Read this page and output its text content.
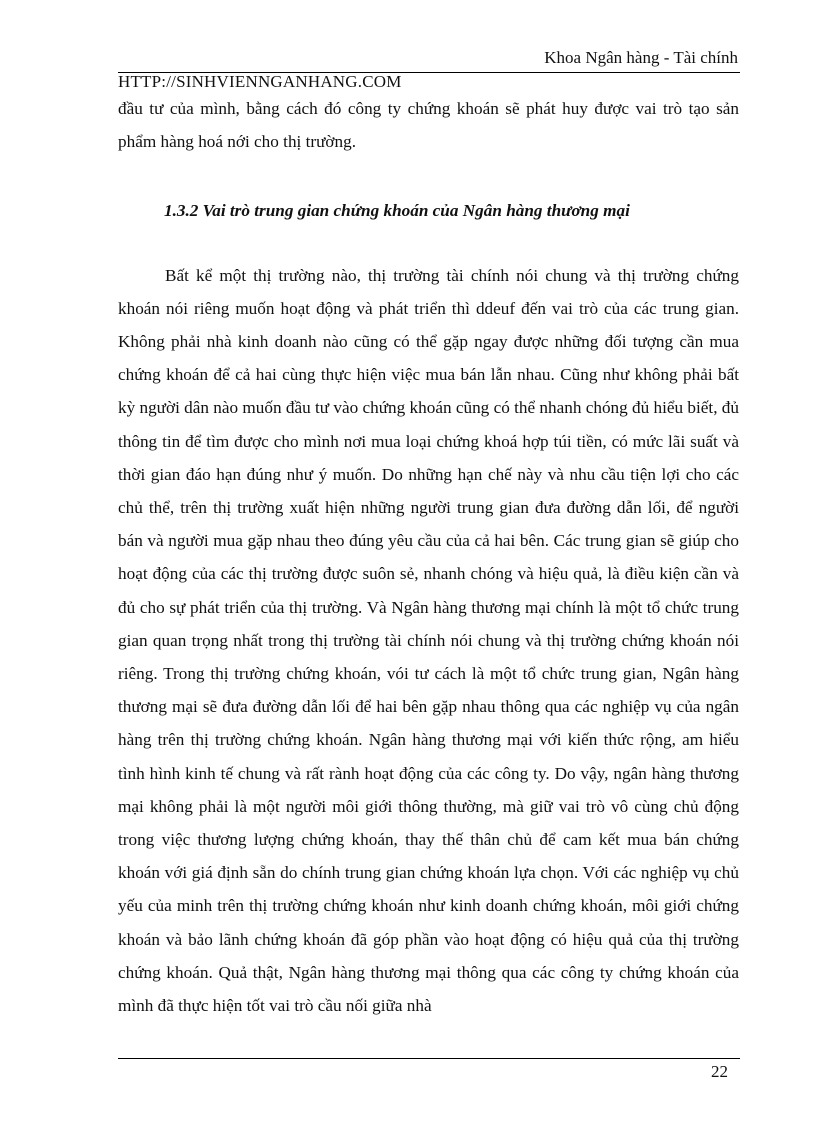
Khoa Ngân hàng - Tài chính
HTTP://SINHVIENNGANHANG.COM

đầu tư của mình, bằng cách đó công ty chứng khoán sẽ phát huy được vai trò tạo sản phẩm hàng hoá nới cho thị trường.

1.3.2 Vai trò trung gian chứng khoán của Ngân hàng thương mại

Bất kể một thị trường nào, thị trường tài chính nói chung và thị trường chứng khoán nói riêng muốn hoạt động và phát triển thì ddeuf đến vai trò của các trung gian. Không phải nhà kinh doanh nào cũng có thể gặp ngay được những đối tượng cần mua chứng khoán để cả hai cùng thực hiện việc mua bán lẫn nhau. Cũng như không phải bất kỳ người dân nào muốn đầu tư vào chứng khoán cũng có thể nhanh chóng đủ hiểu biết, đủ thông tin để tìm được cho mình nơi mua loại chứng khoá hợp túi tiền, có mức lãi suất và thời gian đáo hạn đúng như ý muốn. Do những hạn chế này và nhu cầu tiện lợi cho các chủ thể, trên thị trường xuất hiện những người trung gian đưa đường dẫn lối, để người bán và người mua gặp nhau theo đúng yêu cầu của cả hai bên. Các trung gian sẽ giúp cho hoạt động của các thị trường được suôn sẻ, nhanh chóng và hiệu quả, là điều kiện cần và đủ cho sự phát triển của thị trường. Và Ngân hàng thương mại chính là một tổ chức trung gian quan trọng nhất trong thị trường tài chính nói chung và thị trường chứng khoán nói riêng. Trong thị trường chứng khoán, vói tư cách là một tổ chức trung gian, Ngân hàng thương mại sẽ đưa đường dẫn lối để hai bên gặp nhau thông qua các nghiệp vụ của ngân hàng trên thị trường chứng khoán. Ngân hàng thương mại với kiến thức rộng, am hiểu tình hình kinh tế chung và rất rành hoạt động của các công ty. Do vậy, ngân hàng thương mại không phải là một người môi giới thông thường, mà giữ vai trò vô cùng chủ động trong việc thương lượng chứng khoán, thay thế thân chủ để cam kết mua bán chứng khoán với giá định sẵn do chính trung gian chứng khoán lựa chọn. Với các nghiệp vụ chủ yếu của minh trên thị trường chứng khoán như kinh doanh chứng khoán, môi giới chứng khoán và bảo lãnh chứng khoán đã góp phần vào hoạt động có hiệu quả của thị trường chứng khoán. Quả thật, Ngân hàng thương mại thông qua các công ty chứng khoán của mình đã thực hiện tốt vai trò cầu nối giữa nhà

22
